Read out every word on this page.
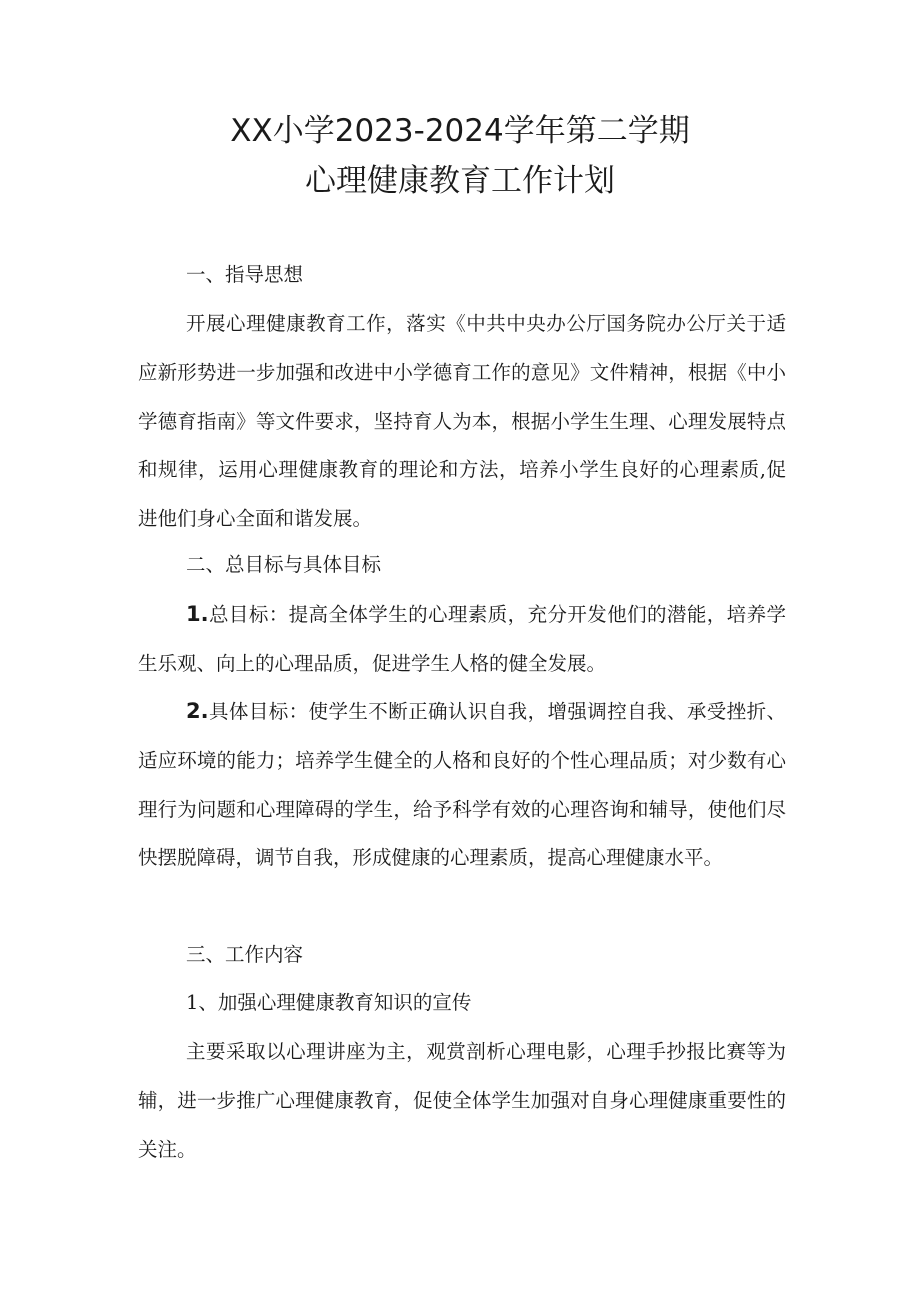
XX小学2023-2024学年第二学期
心理健康教育工作计划
一、指导思想
开展心理健康教育工作，落实《中共中央办公厅国务院办公厅关于适应新形势进一步加强和改进中小学德育工作的意见》文件精神，根据《中小学德育指南》等文件要求，坚持育人为本，根据小学生生理、心理发展特点和规律，运用心理健康教育的理论和方法，培养小学生良好的心理素质,促进他们身心全面和谐发展。
二、总目标与具体目标
1.总目标：提高全体学生的心理素质，充分开发他们的潜能，培养学生乐观、向上的心理品质，促进学生人格的健全发展。
2.具体目标：使学生不断正确认识自我，增强调控自我、承受挫折、适应环境的能力；培养学生健全的人格和良好的个性心理品质；对少数有心理行为问题和心理障碍的学生，给予科学有效的心理咨询和辅导，使他们尽快摆脱障碍，调节自我，形成健康的心理素质，提高心理健康水平。
三、工作内容
1、加强心理健康教育知识的宣传
主要采取以心理讲座为主，观赏剖析心理电影，心理手抄报比赛等为辅，进一步推广心理健康教育，促使全体学生加强对自身心理健康重要性的关注。
